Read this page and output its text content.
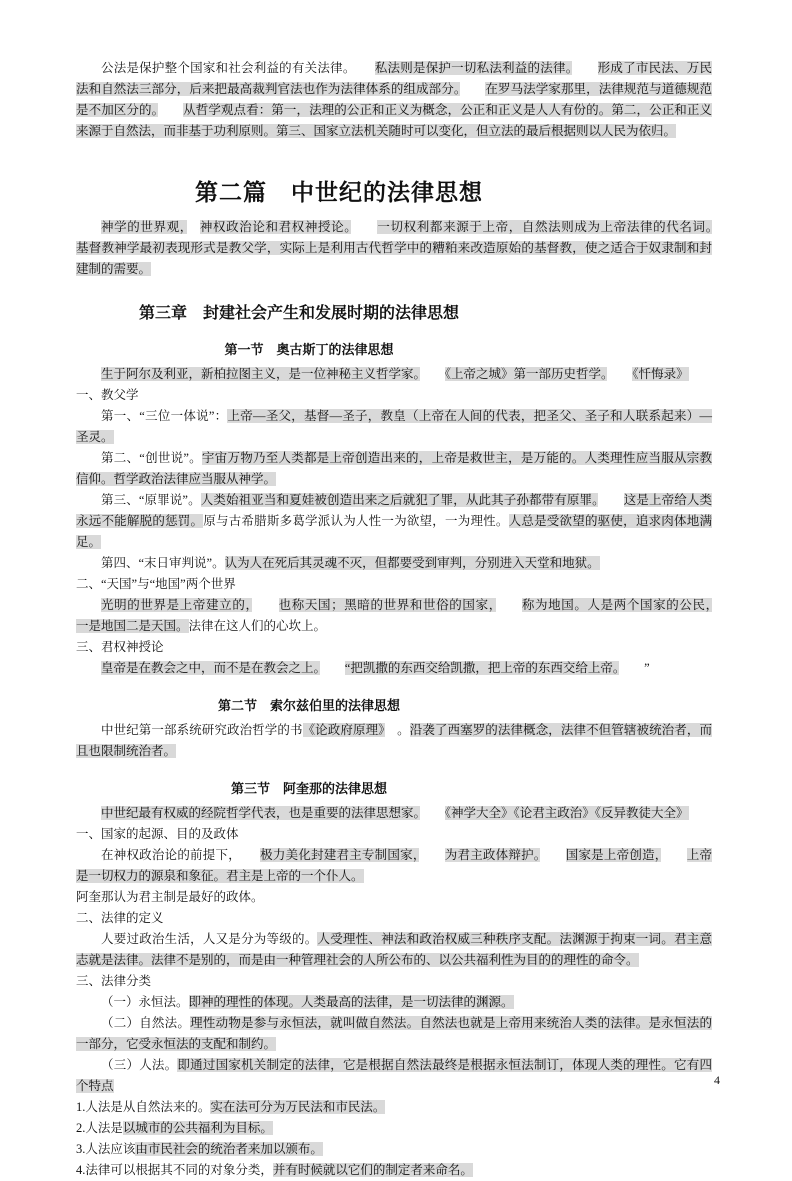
公法是保护整个国家和社会利益的有关法律。　　 私法则是保护一切私法利益的法律。　　 形成了市民法、万民法和自然法三部分，后来把最高裁判官法也作为法律体系的组成部分。　　 在罗马法学家那里，法律规范与道德规范是不加区分的。　　 从哲学观点看：第一，法理的公正和正义为概念，公正和正义是人人有份的。第二，公正和正义来源于自然法，而非基于功利原则。第三、国家立法机关随时可以变化，但立法的最后根据则以人民为依归。

第二篇　中世纪的法律思想

神学的世界观，　 神权政治论和君权神授论。　　 一切权利都来源于上帝，自然法则成为上帝法律的代名词。　　基督教神学最初表现形式是教父学，实际上是利用古代哲学中的糟粕来改造原始的基督教，使之适合于奴隶制和封建制的需要。

第三章　封建社会产生和发展时期的法律思想
第一节　奥古斯丁的法律思想

生于阿尔及利亚，新柏拉图主义，是一位神秘主义哲学家。　　 《上帝之城》第一部历史哲学。　　 《忏悔录》

一、教父学

第一、“三位一体说”：上帝—圣父，基督—圣子，教皇（上帝在人间的代表，把圣父、圣子和人联系起来）—圣灵。

第二、“创世说”。宇宙万物乃至人类都是上帝创造出来的，上帝是救世主，是万能的。人类理性应当服从宗教信仰。哲学政治法律应当服从神学。

第三、“原罪说”。人类始祖亚当和夏娃被创造出来之后就犯了罪，从此其子孙都带有原罪。　　 这是上帝给人类永远不能解脱的惩罚。原与古希腊斯多葛学派认为人性一为欲望，一为理性。人总是受欲望的驱使，追求肉体地满足。

第四、“末日审判说”。认为人在死后其灵魂不灭，但都要受到审判，分别进入天堂和地狱。

二、“天国”与“地国”两个世界

光明的世界是上帝建立的，　　 也称天国；黑暗的世界和世俗的国家，　　 称为地国。人是两个国家的公民，　　一是地国二是天国。法律在这人们的心坎上。

三、君权神授论

皇帝是在教会之中，而不是在教会之上。　　 “把凯撒的东西交给凯撒，把上帝的东西交给上帝。　　”

第二节　索尔兹伯里的法律思想

中世纪第一部系统研究政治哲学的书《论政府原理》　。沿袭了西塞罗的法律概念，法律不但管辖被统治者，而且也限制统治者。

第三节　阿奎那的法律思想

中世纪最有权威的经院哲学代表，也是重要的法律思想家。　　 《神学大全》《论君主政治》《反异教徒大全》

一、国家的起源、目的及政体

在神权政治论的前提下，　　 极力美化封建君主专制国家，　　 为君主政体辩护。　　 国家是上帝创造，　　 上帝是一切权力的源泉和象征。君主是上帝的一个仆人。

阿奎那认为君主制是最好的政体。

二、法律的定义

人要过政治生活，人又是分为等级的。人受理性、神法和政治权威三种秩序支配。法渊源于拘束一词。君主意志就是法律。法律不是别的，而是由一种管理社会的人所公布的、以公共福利性为目的的理性的命令。

三、法律分类

（一）永恒法。即神的理性的体现。人类最高的法律，是一切法律的渊源。

（二）自然法。理性动物是参与永恒法，就叫做自然法。自然法也就是上帝用来统治人类的法律。是永恒法的一部分，它受永恒法的支配和制约。

（三）人法。即通过国家机关制定的法律，它是根据自然法最终是根据永恒法制订，体现人类的理性。它有四个特点

1.人法是从自然法来的。实在法可分为万民法和市民法。

2.人法是以城市的公共福利为目标。

3.人法应该由市民社会的统治者来加以颁布。

4.法律可以根据其不同的对象分类，并有时候就以它们的制定者来命名。

4
